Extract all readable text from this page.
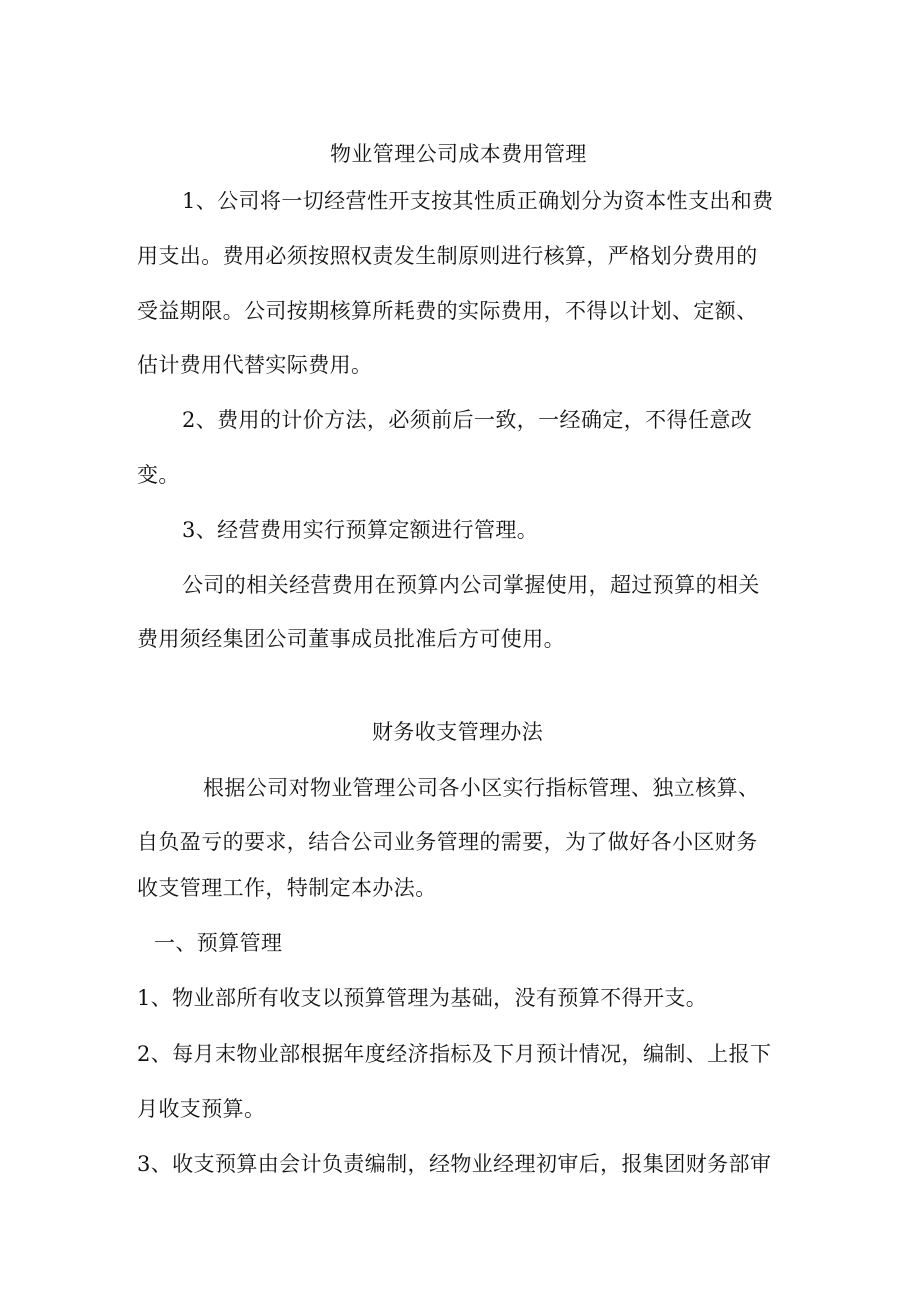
物业管理公司成本费用管理
1、公司将一切经营性开支按其性质正确划分为资本性支出和费
用支出。费用必须按照权责发生制原则进行核算，严格划分费用的
受益期限。公司按期核算所耗费的实际费用，不得以计划、定额、
估计费用代替实际费用。
2、费用的计价方法，必须前后一致，一经确定，不得任意改
变。
3、经营费用实行预算定额进行管理。
公司的相关经营费用在预算内公司掌握使用，超过预算的相关
费用须经集团公司董事成员批准后方可使用。
财务收支管理办法
根据公司对物业管理公司各小区实行指标管理、独立核算、
自负盈亏的要求，结合公司业务管理的需要，为了做好各小区财务
收支管理工作，特制定本办法。
一、预算管理
1、物业部所有收支以预算管理为基础，没有预算不得开支。
2、每月末物业部根据年度经济指标及下月预计情况，编制、上报下
月收支预算。
3、收支预算由会计负责编制，经物业经理初审后，报集团财务部审
